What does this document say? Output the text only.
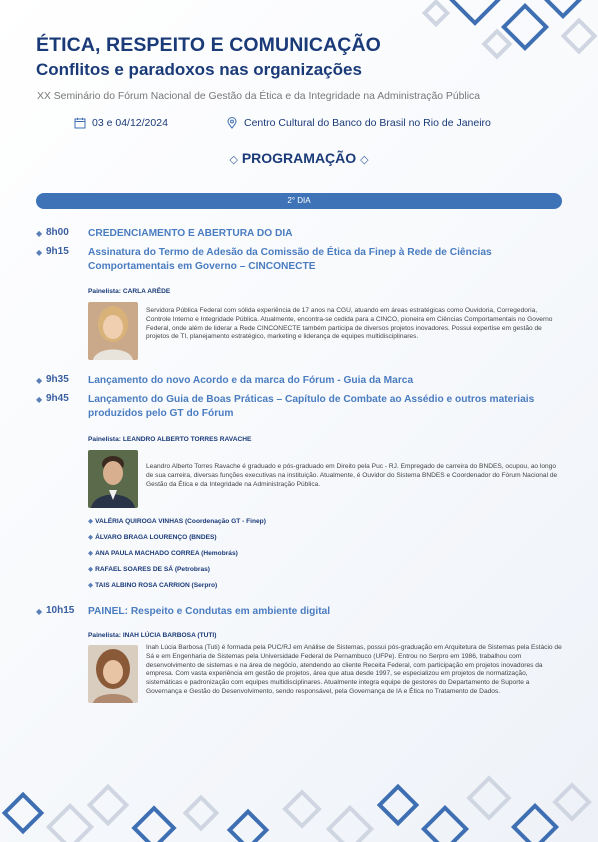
ÉTICA, RESPEITO E COMUNICAÇÃO
Conflitos e paradoxos nas organizações
XX Seminário do Fórum Nacional de Gestão da Ética e da Integridade na Administração Pública
03 e 04/12/2024	Centro Cultural do Banco do Brasil no Rio de Janeiro
◇ PROGRAMAÇÃO ◇
2° DIA
◆ 8h00	CREDENCIAMENTO E ABERTURA DO DIA
◆ 9h15	Assinatura do Termo de Adesão da Comissão de Ética da Finep à Rede de Ciências Comportamentais em Governo – CINCONECTE
Painelista: CARLA ARÊDE
Servidora Pública Federal com sólida experiência de 17 anos na CGU, atuando em áreas estratégicas como Ouvidoria, Corregedoria, Controle Interno e Integridade Pública. Atualmente, encontra-se cedida para a CINCO, pioneira em Ciências Comportamentais no Governo Federal, onde além de liderar a Rede CINCONECTE também participa de diversos projetos inovadores. Possui expertise em gestão de projetos de TI, planejamento estratégico, marketing e liderança de equipes multidisciplinares.
◆ 9h35	Lançamento do novo Acordo e da marca do Fórum - Guia da Marca
◆ 9h45	Lançamento do Guia de Boas Práticas – Capítulo de Combate ao Assédio e outros materiais produzidos pelo GT do Fórum
Painelista: LEANDRO ALBERTO TORRES RAVACHE
Leandro Alberto Torres Ravache é graduado e pós-graduado em Direito pela Puc - RJ. Empregado de carreira do BNDES, ocupou, ao longo de sua carreira, diversas funções executivas na instituição. Atualmente, é Ouvidor do Sistema BNDES e Coordenador do Fórum Nacional de Gestão da Ética e da Integridade na Administração Pública.
◆ VALÉRIA QUIROGA VINHAS (Coordenação GT - Finep)
◆ ÁLVARO BRAGA LOURENÇO (BNDES)
◆ ANA PAULA MACHADO CORREA (Hemobrás)
◆ RAFAEL SOARES DE SÁ (Petrobras)
◆ TAIS ALBINO ROSA CARRION (Serpro)
◆ 10h15	PAINEL: Respeito e Condutas em ambiente digital
Painelista: INAH LÚCIA BARBOSA (TUTI)
Inah Lúcia Barbosa (Tuti) é formada pela PUC/RJ em Análise de Sistemas, possui pós-graduação em Arquitetura de Sistemas pela Estácio de Sá e em Engenharia de Sistemas pela Universidade Federal de Pernambuco (UFPe). Entrou no Serpro em 1986, trabalhou com desenvolvimento de sistemas e na área de negócio, atendendo ao cliente Receita Federal, com participação em projetos inovadores da empresa. Com vasta experiência em gestão de projetos, área que atua desde 1997, se especializou em projetos de normatização, sistemáticas e padronização com equipes multidisciplinares. Atualmente integra equipe de gestores do Departamento de Suporte a Governança e Gestão do Desenvolvimento, sendo responsável, pela Governança de IA e Ética no Tratamento de Dados.
